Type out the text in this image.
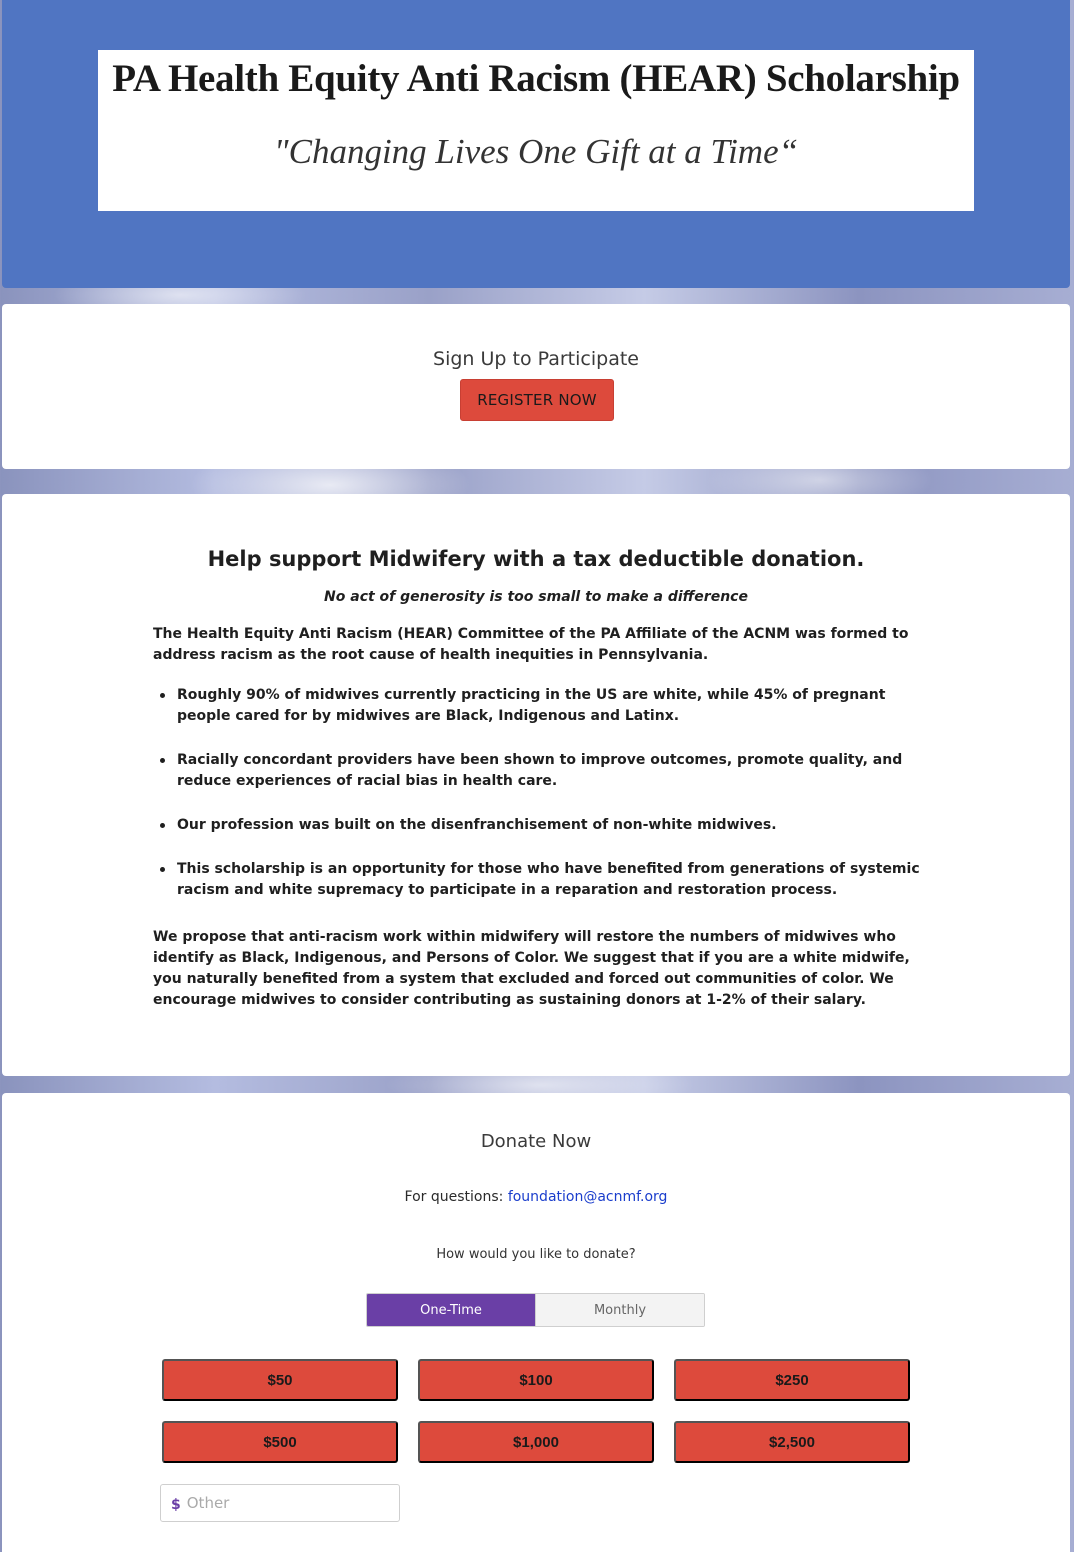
PA Health Equity Anti Racism (HEAR) Scholarship
"Changing Lives One Gift at a Time“
Sign Up to Participate
REGISTER NOW
Help support Midwifery with a tax deductible donation.

No act of generosity is too small to make a difference

The Health Equity Anti Racism (HEAR) Committee of the PA Affiliate of the ACNM was formed to address racism as the root cause of health inequities in Pennsylvania.

Roughly 90% of midwives currently practicing in the US are white, while 45% of pregnant people cared for by midwives are Black, Indigenous and Latinx.
Racially concordant providers have been shown to improve outcomes, promote quality, and reduce experiences of racial bias in health care.
Our profession was built on the disenfranchisement of non-white midwives.
This scholarship is an opportunity for those who have benefited from generations of systemic racism and white supremacy to participate in a reparation and restoration process.

We propose that anti-racism work within midwifery will restore the numbers of midwives who identify as Black, Indigenous, and Persons of Color. We suggest that if you are a white midwife, you naturally benefited from a system that excluded and forced out communities of color. We encourage midwives to consider contributing as sustaining donors at 1-2% of their salary.

Donate Now
For questions: foundation@acnmf.org
How would you like to donate?
One-Time	Monthly
$50	$100	$250
$500	$1,000	$2,500
$
Other
